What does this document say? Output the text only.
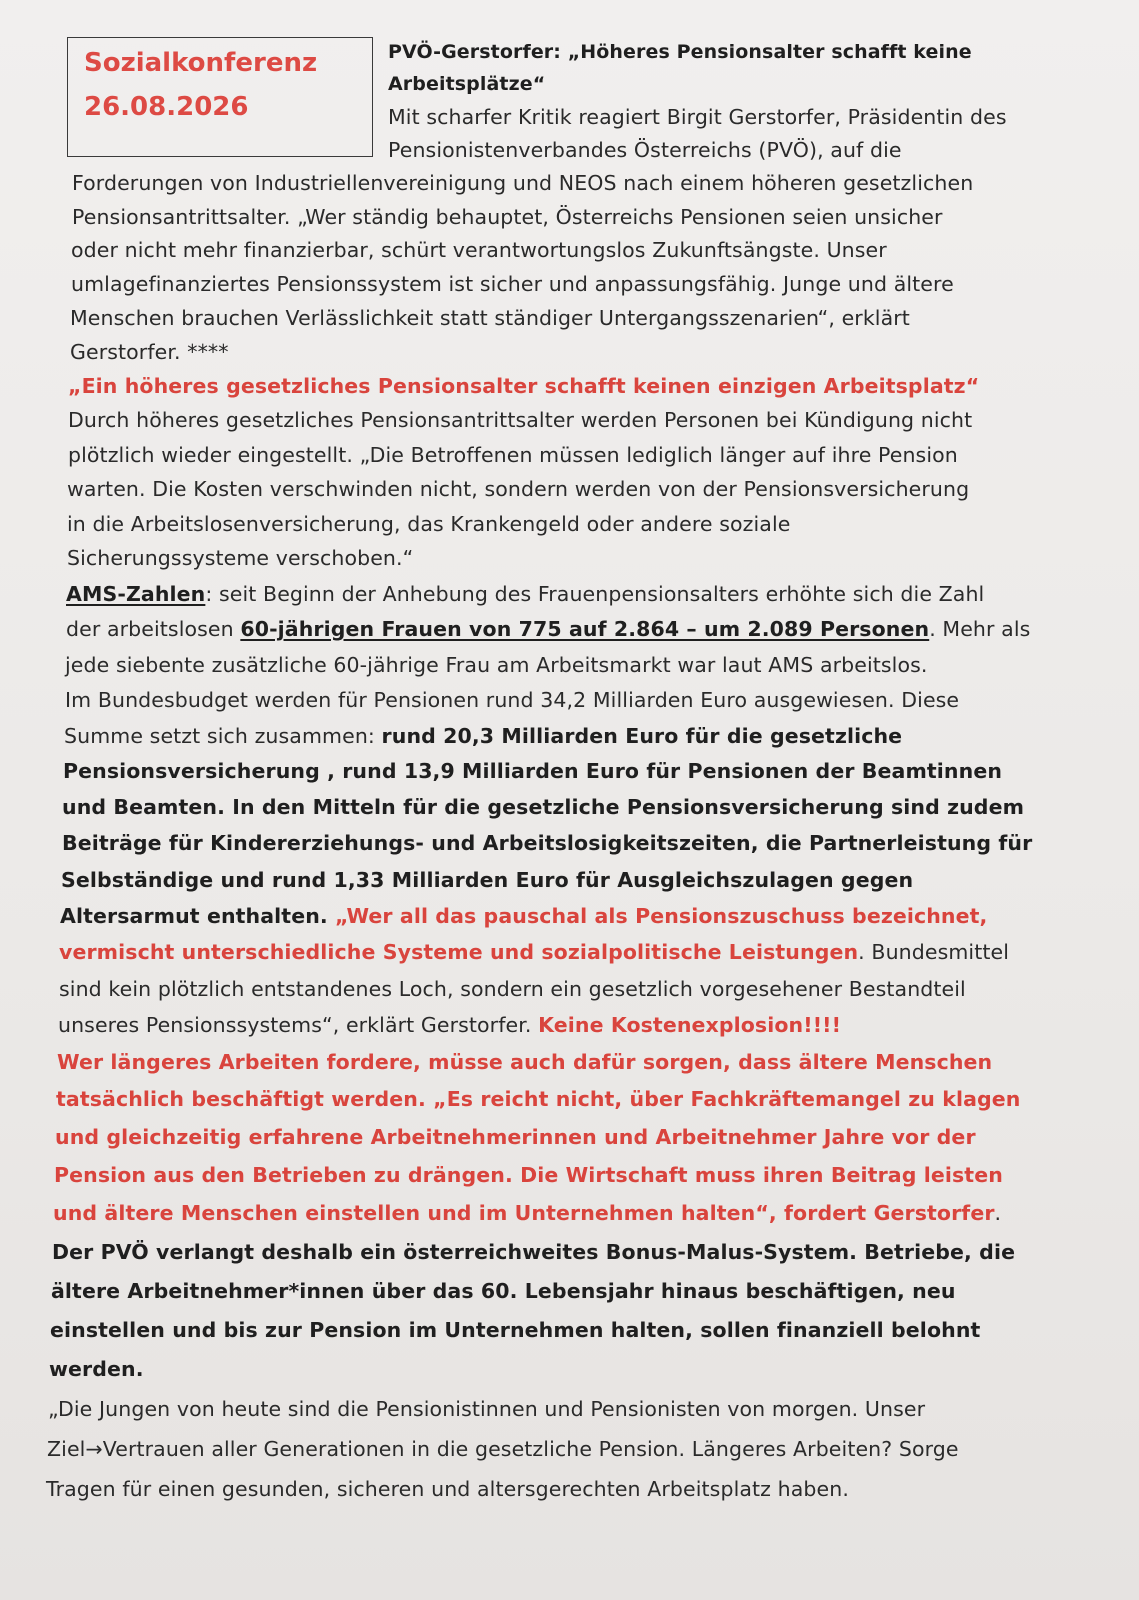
Sozialkonferenz
26.08.2026
PVÖ-Gerstorfer: „Höheres Pensionsalter schafft keine
Arbeitsplätze“
Mit scharfer Kritik reagiert Birgit Gerstorfer, Präsidentin des
Pensionistenverbandes Österreichs (PVÖ), auf die
Forderungen von Industriellenvereinigung und NEOS nach einem höheren gesetzlichen
Pensionsantrittsalter. „Wer ständig behauptet, Österreichs Pensionen seien unsicher
oder nicht mehr finanzierbar, schürt verantwortungslos Zukunftsängste. Unser
umlagefinanziertes Pensionssystem ist sicher und anpassungsfähig. Junge und ältere
Menschen brauchen Verlässlichkeit statt ständiger Untergangsszenarien“, erklärt
Gerstorfer. ****
„Ein höheres gesetzliches Pensionsalter schafft keinen einzigen Arbeitsplatz“
Durch höheres gesetzliches Pensionsantrittsalter werden Personen bei Kündigung nicht
plötzlich wieder eingestellt. „Die Betroffenen müssen lediglich länger auf ihre Pension
warten. Die Kosten verschwinden nicht, sondern werden von der Pensionsversicherung
in die Arbeitslosenversicherung, das Krankengeld oder andere soziale
Sicherungssysteme verschoben.“
AMS-Zahlen: seit Beginn der Anhebung des Frauenpensionsalters erhöhte sich die Zahl
der arbeitslosen 60-jährigen Frauen von 775 auf 2.864 – um 2.089 Personen. Mehr als
jede siebente zusätzliche 60-jährige Frau am Arbeitsmarkt war laut AMS arbeitslos.
Im Bundesbudget werden für Pensionen rund 34,2 Milliarden Euro ausgewiesen. Diese
Summe setzt sich zusammen: rund 20,3 Milliarden Euro für die gesetzliche
Pensionsversicherung , rund 13,9 Milliarden Euro für Pensionen der Beamtinnen
und Beamten. In den Mitteln für die gesetzliche Pensionsversicherung sind zudem
Beiträge für Kindererziehungs- und Arbeitslosigkeitszeiten, die Partnerleistung für
Selbständige und rund 1,33 Milliarden Euro für Ausgleichszulagen gegen
Altersarmut enthalten. „Wer all das pauschal als Pensionszuschuss bezeichnet,
vermischt unterschiedliche Systeme und sozialpolitische Leistungen. Bundesmittel
sind kein plötzlich entstandenes Loch, sondern ein gesetzlich vorgesehener Bestandteil
unseres Pensionssystems“, erklärt Gerstorfer. Keine Kostenexplosion!!!!
Wer längeres Arbeiten fordere, müsse auch dafür sorgen, dass ältere Menschen
tatsächlich beschäftigt werden. „Es reicht nicht, über Fachkräftemangel zu klagen
und gleichzeitig erfahrene Arbeitnehmerinnen und Arbeitnehmer Jahre vor der
Pension aus den Betrieben zu drängen. Die Wirtschaft muss ihren Beitrag leisten
und ältere Menschen einstellen und im Unternehmen halten“, fordert Gerstorfer.
Der PVÖ verlangt deshalb ein österreichweites Bonus-Malus-System. Betriebe, die
ältere Arbeitnehmer*innen über das 60. Lebensjahr hinaus beschäftigen, neu
einstellen und bis zur Pension im Unternehmen halten, sollen finanziell belohnt
werden.
„Die Jungen von heute sind die Pensionistinnen und Pensionisten von morgen. Unser
Ziel→Vertrauen aller Generationen in die gesetzliche Pension. Längeres Arbeiten? Sorge
Tragen für einen gesunden, sicheren und altersgerechten Arbeitsplatz haben.
